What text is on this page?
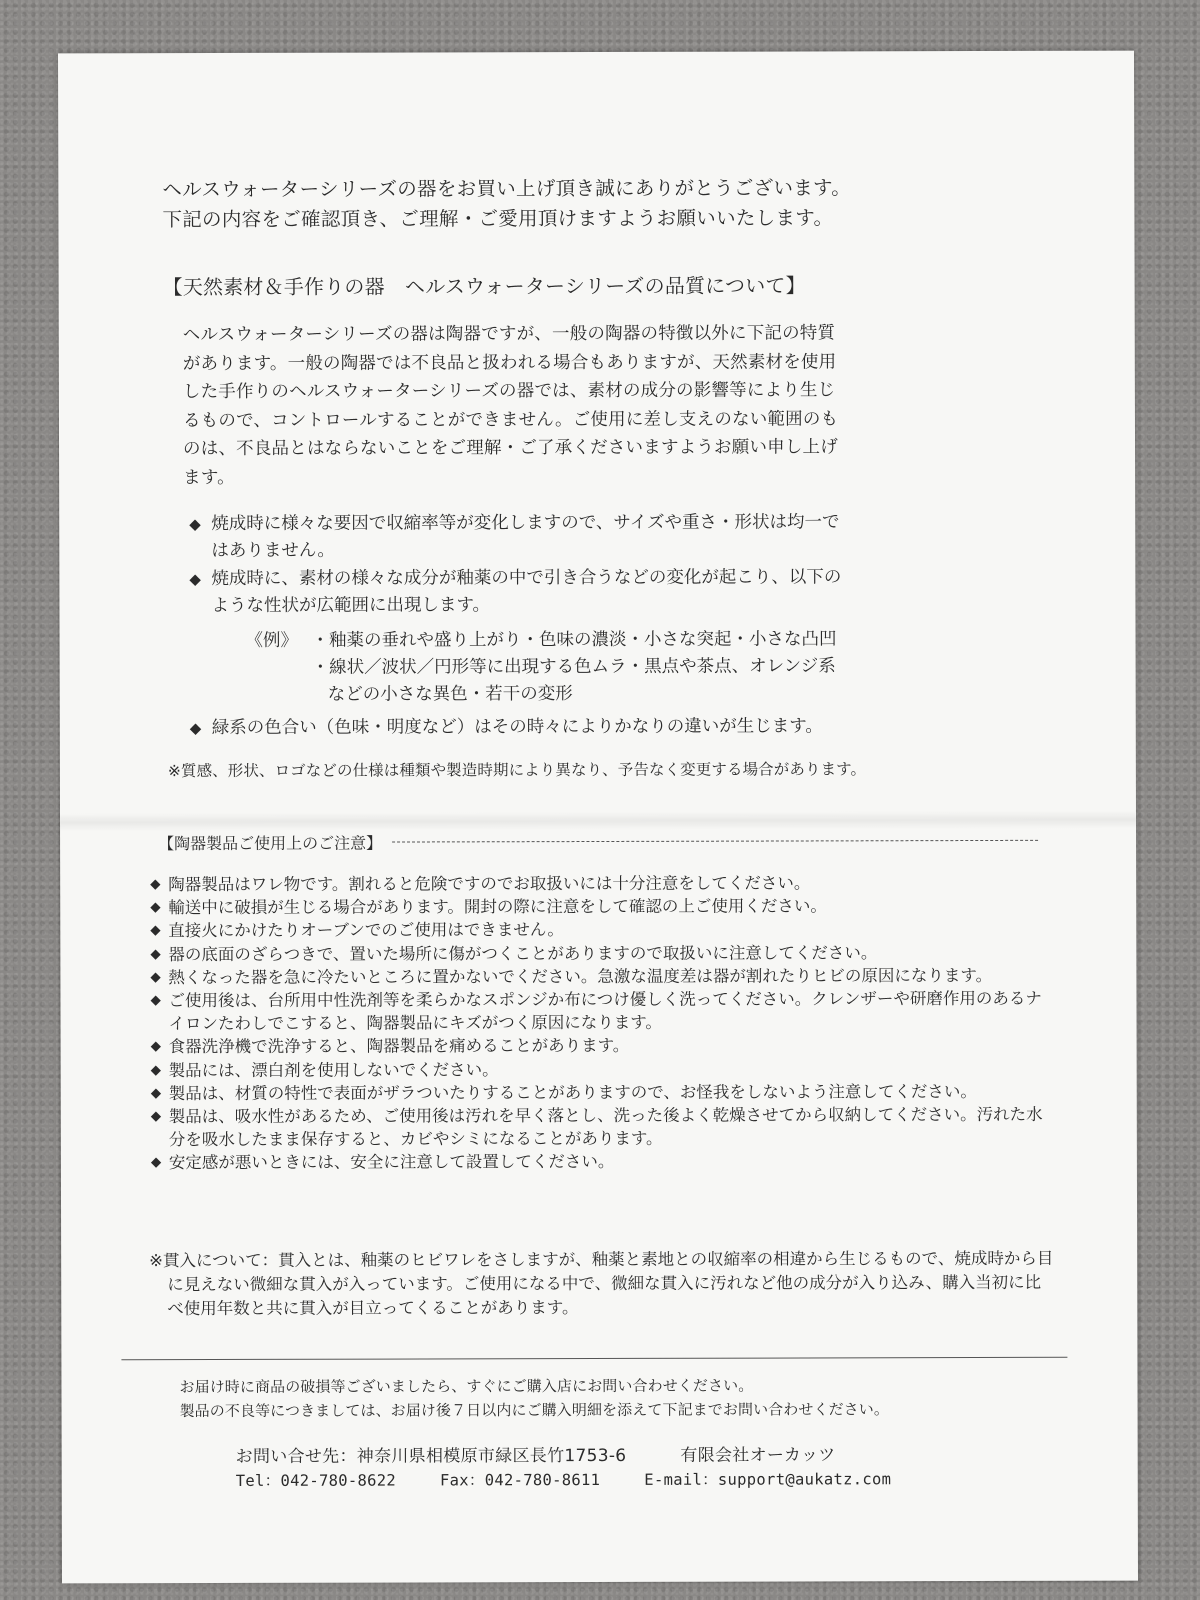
ヘルスウォーターシリーズの器をお買い上げ頂き誠にありがとうございます。

下記の内容をご確認頂き、ご理解・ご愛用頂けますようお願いいたします。

【天然素材＆手作りの器　ヘルスウォーターシリーズの品質について】

ヘルスウォーターシリーズの器は陶器ですが、一般の陶器の特徴以外に下記の特質

があります。一般の陶器では不良品と扱われる場合もありますが、天然素材を使用

した手作りのヘルスウォーターシリーズの器では、素材の成分の影響等により生じ

るもので、コントロールすることができません。ご使用に差し支えのない範囲のも

のは、不良品とはならないことをご理解・ご了承くださいますようお願い申し上げ

ます。

◆ 焼成時に様々な要因で収縮率等が変化しますので、サイズや重さ・形状は均一で

はありません。

◆ 焼成時に、素材の様々な成分が釉薬の中で引き合うなどの変化が起こり、以下の

ような性状が広範囲に出現します。

《例》 ・釉薬の垂れや盛り上がり・色味の濃淡・小さな突起・小さな凸凹
・線状／波状／円形等に出現する色ムラ・黒点や茶点、オレンジ系
などの小さな異色・若干の変形

◆ 緑系の色合い（色味・明度など）はその時々によりかなりの違いが生じます。

※質感、形状、ロゴなどの仕様は種類や製造時期により異なり、予告なく変更する場合があります。
【陶器製品ご使用上のご注意】
◆ 陶器製品はワレ物です。割れると危険ですのでお取扱いには十分注意をしてください。
◆ 輸送中に破損が生じる場合があります。開封の際に注意をして確認の上ご使用ください。
◆ 直接火にかけたりオーブンでのご使用はできません。
◆ 器の底面のざらつきで、置いた場所に傷がつくことがありますので取扱いに注意してください。
◆ 熱くなった器を急に冷たいところに置かないでください。急激な温度差は器が割れたりヒビの原因になります。
◆ ご使用後は、台所用中性洗剤等を柔らかなスポンジか布につけ優しく洗ってください。クレンザーや研磨作用のあるナイロンたわしでこすると、陶器製品にキズがつく原因になります。
◆ 食器洗浄機で洗浄すると、陶器製品を痛めることがあります。
◆ 製品には、漂白剤を使用しないでください。
◆ 製品は、材質の特性で表面がザラついたりすることがありますので、お怪我をしないよう注意してください。
◆ 製品は、吸水性があるため、ご使用後は汚れを早く落とし、洗った後よく乾燥させてから収納してください。汚れた水分を吸水したまま保存すると、カビやシミになることがあります。
◆ 安定感が悪いときには、安全に注意して設置してください。

※貫入について：貫入とは、釉薬のヒビワレをさしますが、釉薬と素地との収縮率の相違から生じるもので、焼成時から目に見えない微細な貫入が入っています。ご使用になる中で、微細な貫入に汚れなど他の成分が入り込み、購入当初に比べ使用年数と共に貫入が目立ってくることがあります。

お届け時に商品の破損等ございましたら、すぐにご購入店にお問い合わせください。

製品の不良等につきましては、お届け後７日以内にご購入明細を添えて下記までお問い合わせください。

お問い合せ先：神奈川県相模原市緑区長竹1753-6	有限会社オーカッツ
Tel：042-780-8622	Fax：042-780-8611	E-mail：support@aukatz.com
